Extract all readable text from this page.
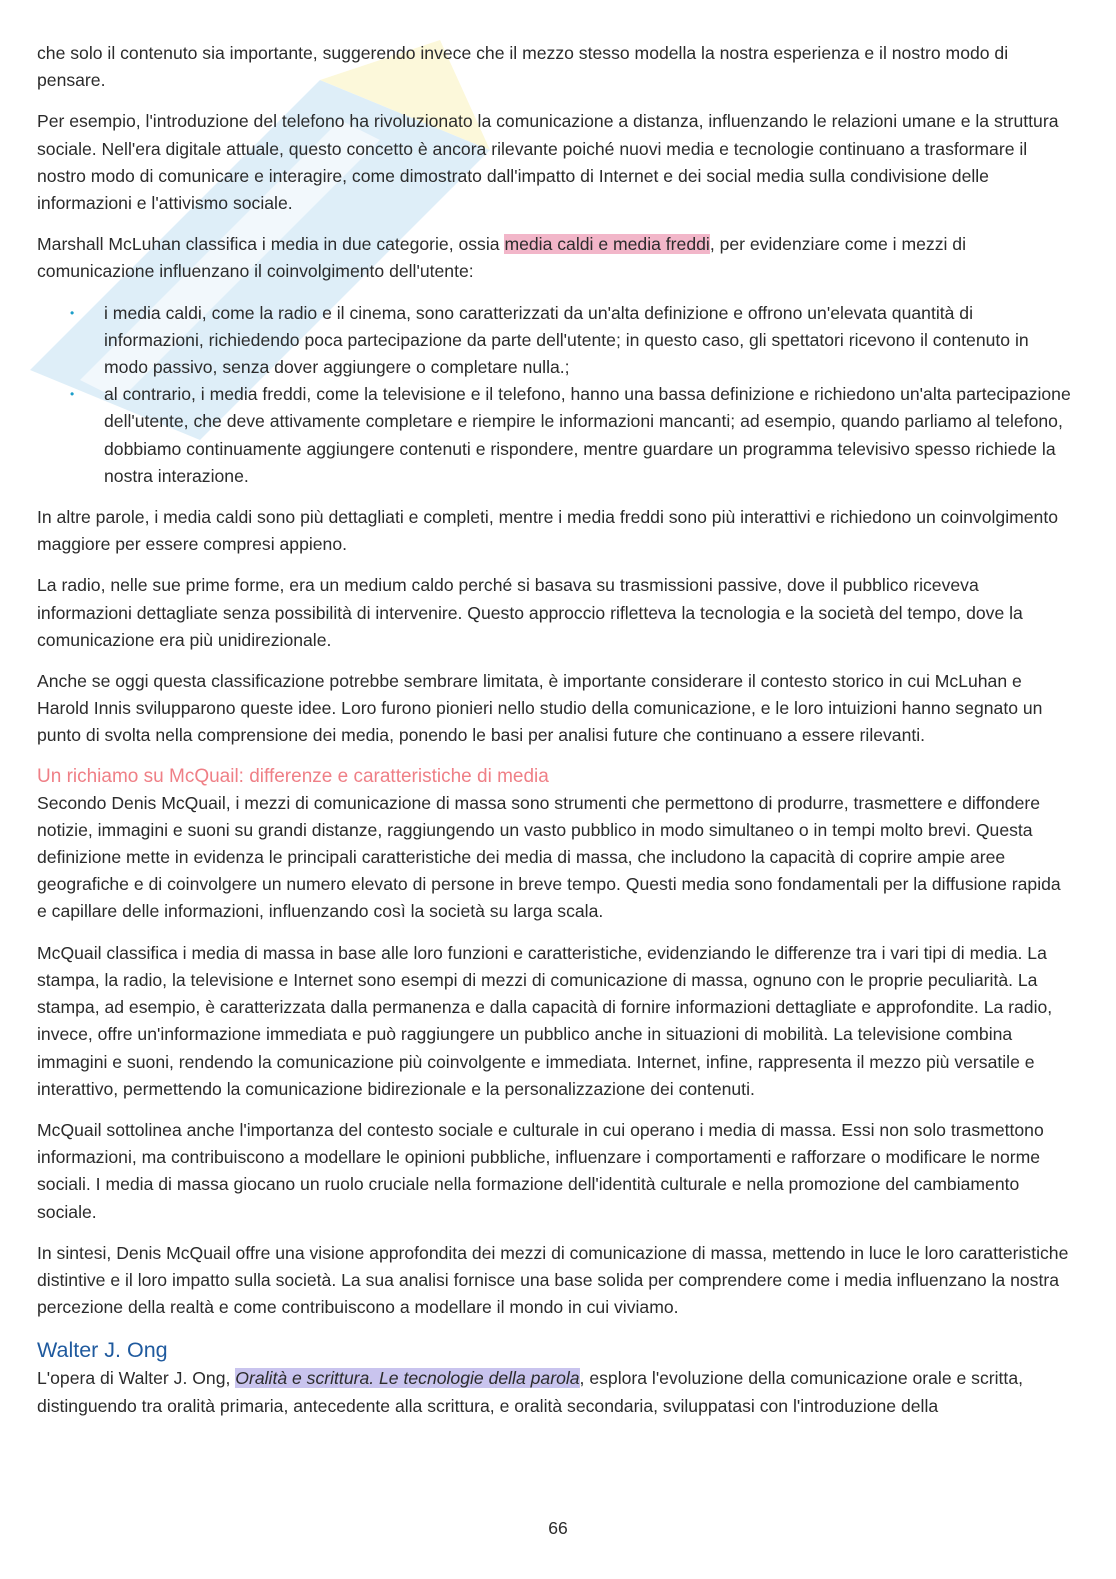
che solo il contenuto sia importante, suggerendo invece che il mezzo stesso modella la nostra esperienza e il nostro modo di pensare.

Per esempio, l'introduzione del telefono ha rivoluzionato la comunicazione a distanza, influenzando le relazioni umane e la struttura sociale. Nell'era digitale attuale, questo concetto è ancora rilevante poiché nuovi media e tecnologie continuano a trasformare il nostro modo di comunicare e interagire, come dimostrato dall'impatto di Internet e dei social media sulla condivisione delle informazioni e l'attivismo sociale.

Marshall McLuhan classifica i media in due categorie, ossia media caldi e media freddi, per evidenziare come i mezzi di comunicazione influenzano il coinvolgimento dell'utente:

• i media caldi, come la radio e il cinema, sono caratterizzati da un'alta definizione e offrono un'elevata quantità di informazioni, richiedendo poca partecipazione da parte dell'utente; in questo caso, gli spettatori ricevono il contenuto in modo passivo, senza dover aggiungere o completare nulla.;
• al contrario, i media freddi, come la televisione e il telefono, hanno una bassa definizione e richiedono un'alta partecipazione dell'utente, che deve attivamente completare e riempire le informazioni mancanti; ad esempio, quando parliamo al telefono, dobbiamo continuamente aggiungere contenuti e rispondere, mentre guardare un programma televisivo spesso richiede la nostra interazione.

In altre parole, i media caldi sono più dettagliati e completi, mentre i media freddi sono più interattivi e richiedono un coinvolgimento maggiore per essere compresi appieno.

La radio, nelle sue prime forme, era un medium caldo perché si basava su trasmissioni passive, dove il pubblico riceveva informazioni dettagliate senza possibilità di intervenire. Questo approccio rifletteva la tecnologia e la società del tempo, dove la comunicazione era più unidirezionale.

Anche se oggi questa classificazione potrebbe sembrare limitata, è importante considerare il contesto storico in cui McLuhan e Harold Innis svilupparono queste idee. Loro furono pionieri nello studio della comunicazione, e le loro intuizioni hanno segnato un punto di svolta nella comprensione dei media, ponendo le basi per analisi future che continuano a essere rilevanti.

Un richiamo su McQuail: differenze e caratteristiche di media

Secondo Denis McQuail, i mezzi di comunicazione di massa sono strumenti che permettono di produrre, trasmettere e diffondere notizie, immagini e suoni su grandi distanze, raggiungendo un vasto pubblico in modo simultaneo o in tempi molto brevi. Questa definizione mette in evidenza le principali caratteristiche dei media di massa, che includono la capacità di coprire ampie aree geografiche e di coinvolgere un numero elevato di persone in breve tempo. Questi media sono fondamentali per la diffusione rapida e capillare delle informazioni, influenzando così la società su larga scala.

McQuail classifica i media di massa in base alle loro funzioni e caratteristiche, evidenziando le differenze tra i vari tipi di media. La stampa, la radio, la televisione e Internet sono esempi di mezzi di comunicazione di massa, ognuno con le proprie peculiarità. La stampa, ad esempio, è caratterizzata dalla permanenza e dalla capacità di fornire informazioni dettagliate e approfondite. La radio, invece, offre un'informazione immediata e può raggiungere un pubblico anche in situazioni di mobilità. La televisione combina immagini e suoni, rendendo la comunicazione più coinvolgente e immediata. Internet, infine, rappresenta il mezzo più versatile e interattivo, permettendo la comunicazione bidirezionale e la personalizzazione dei contenuti.

McQuail sottolinea anche l'importanza del contesto sociale e culturale in cui operano i media di massa. Essi non solo trasmettono informazioni, ma contribuiscono a modellare le opinioni pubbliche, influenzare i comportamenti e rafforzare o modificare le norme sociali. I media di massa giocano un ruolo cruciale nella formazione dell'identità culturale e nella promozione del cambiamento sociale.

In sintesi, Denis McQuail offre una visione approfondita dei mezzi di comunicazione di massa, mettendo in luce le loro caratteristiche distintive e il loro impatto sulla società. La sua analisi fornisce una base solida per comprendere come i media influenzano la nostra percezione della realtà e come contribuiscono a modellare il mondo in cui viviamo.

Walter J. Ong

L'opera di Walter J. Ong, Oralità e scrittura. Le tecnologie della parola, esplora l'evoluzione della comunicazione orale e scritta, distinguendo tra oralità primaria, antecedente alla scrittura, e oralità secondaria, sviluppatasi con l'introduzione della

66
